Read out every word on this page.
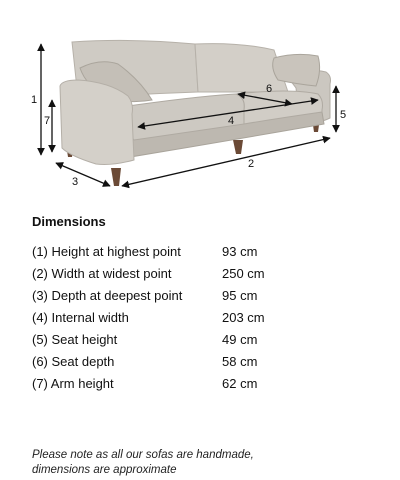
1
7
3
2
4	5
6
Dimensions
(1) Height at highest point	93 cm
(2) Width at widest point	250 cm
(3) Depth at deepest point	95 cm
(4) Internal width	203 cm
(5) Seat height	49 cm
(6) Seat depth	58 cm
(7) Arm height	62 cm

Please note as all our sofas are handmade,
dimensions are approximate
